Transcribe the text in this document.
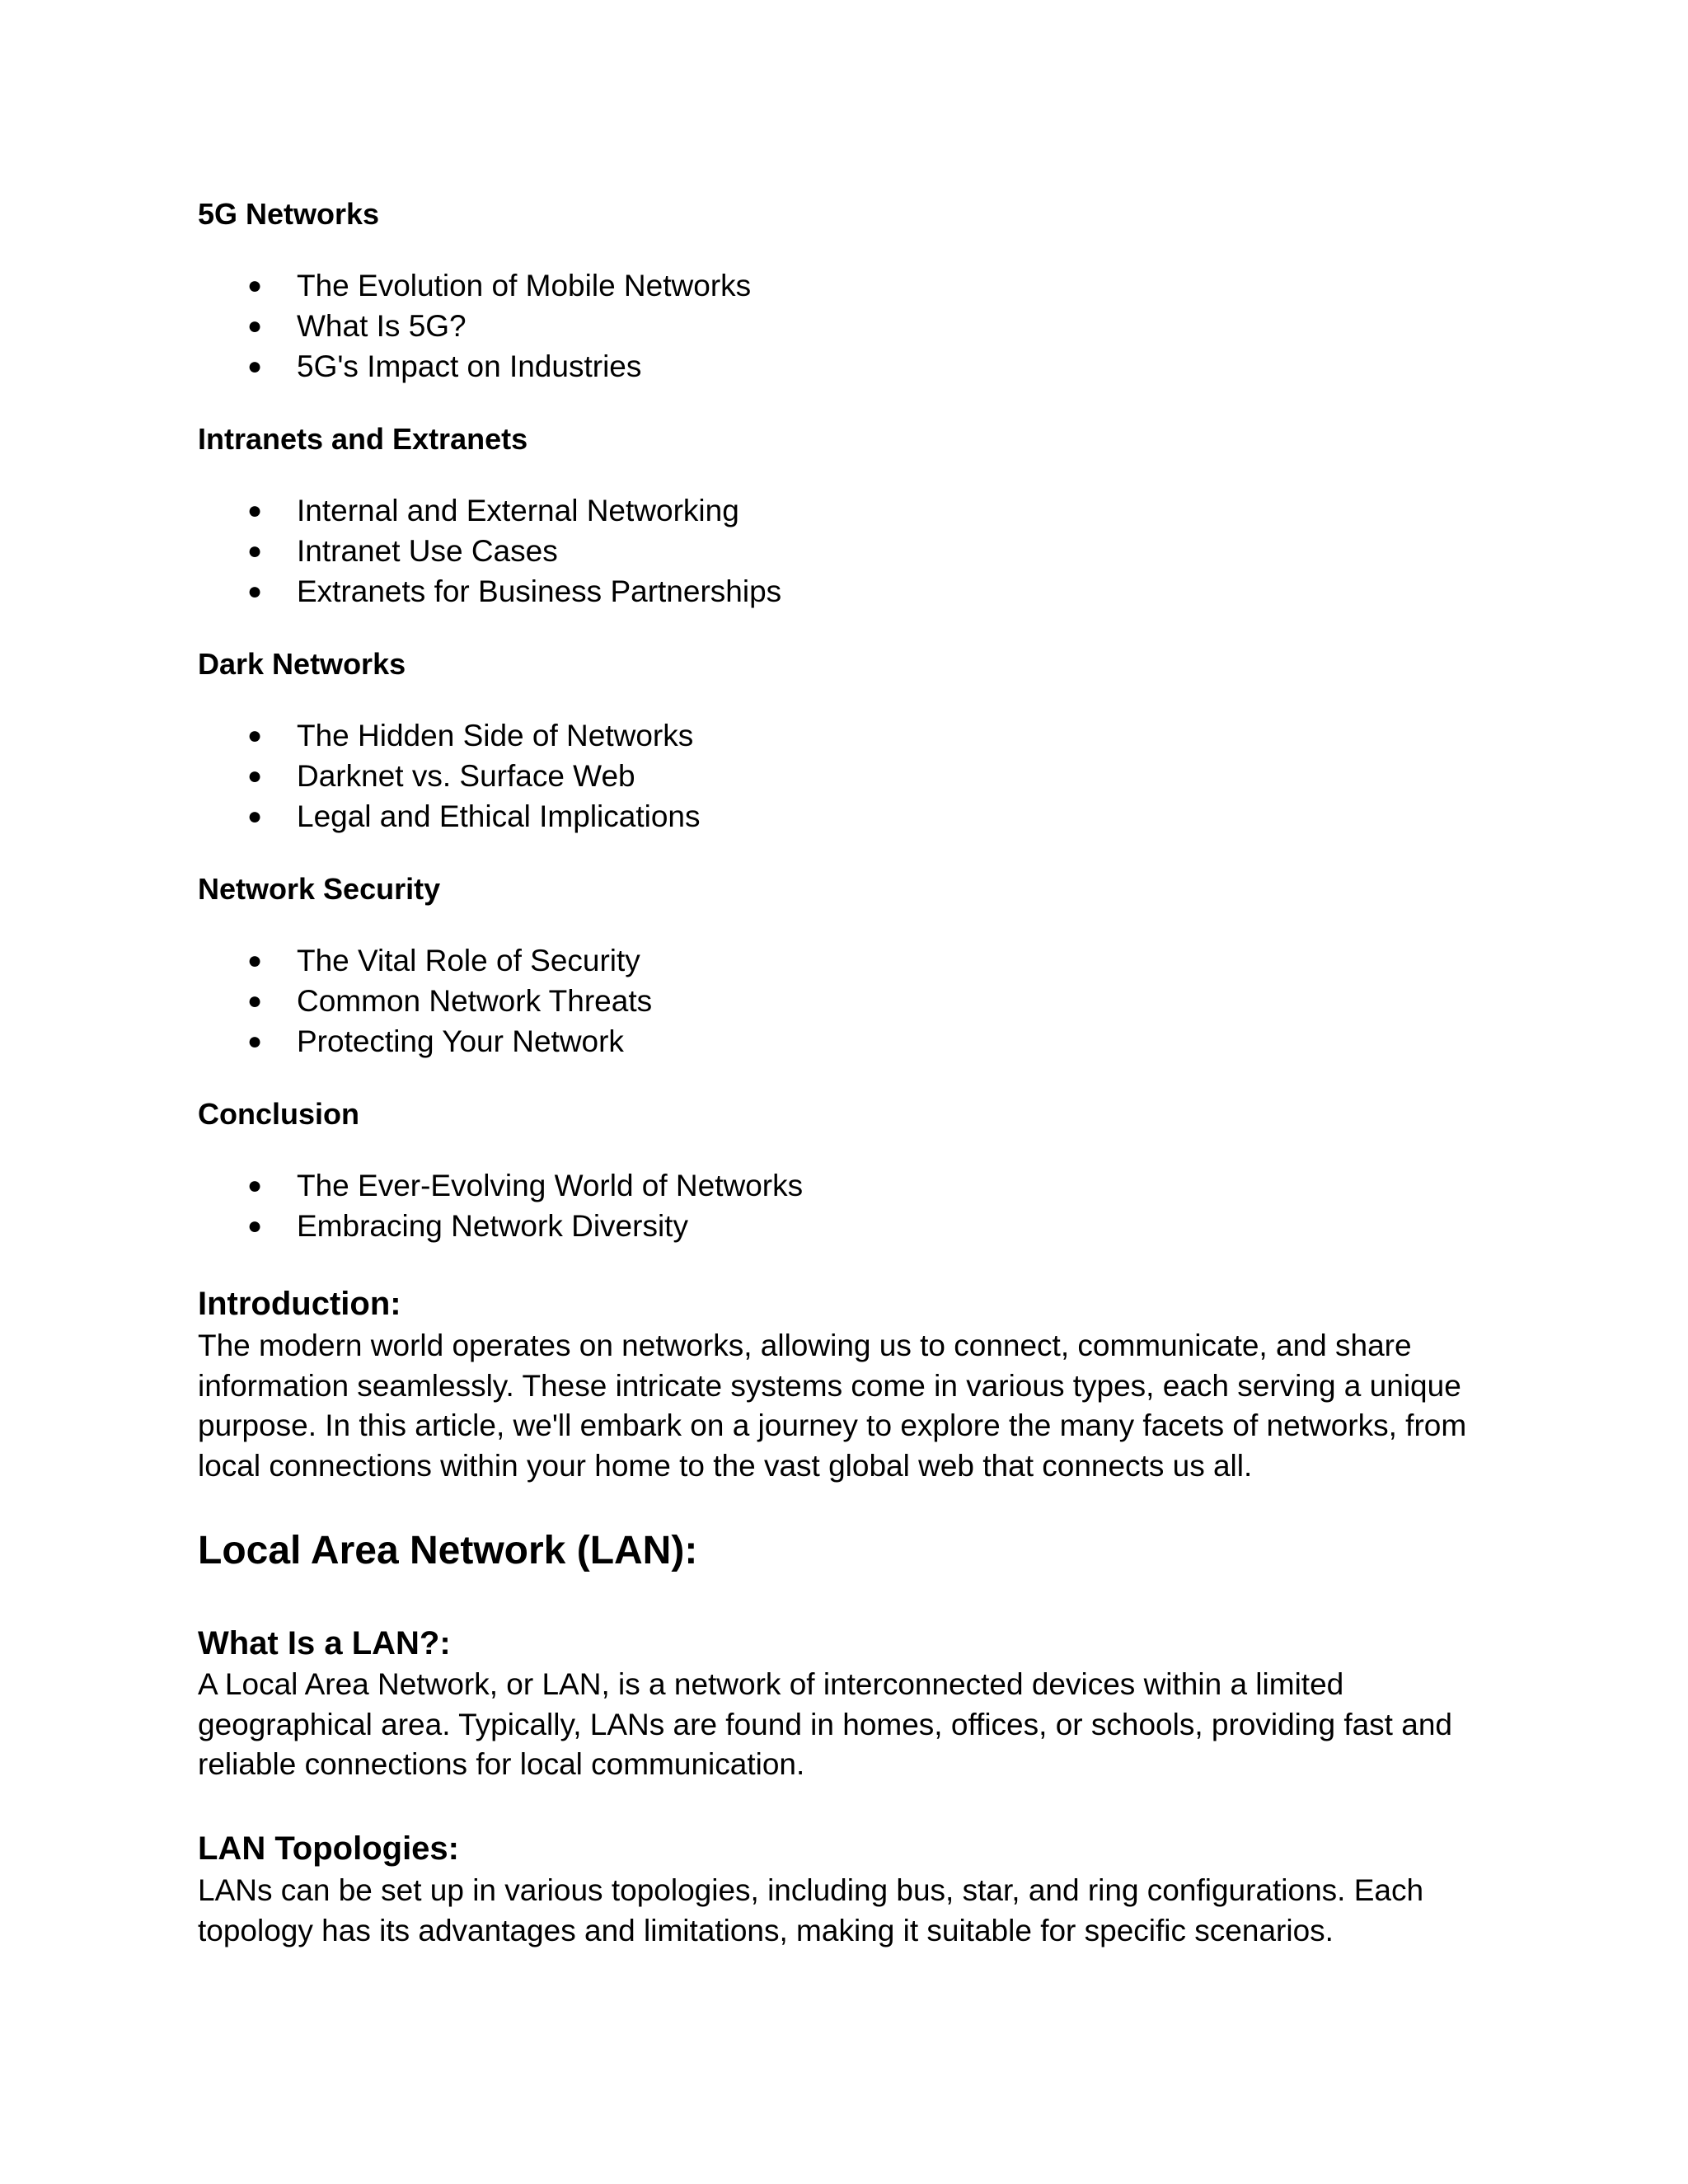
5G Networks
● The Evolution of Mobile Networks
● What Is 5G?
● 5G's Impact on Industries
Intranets and Extranets
● Internal and External Networking
● Intranet Use Cases
● Extranets for Business Partnerships
Dark Networks
● The Hidden Side of Networks
● Darknet vs. Surface Web
● Legal and Ethical Implications
Network Security
● The Vital Role of Security
● Common Network Threats
● Protecting Your Network
Conclusion
● The Ever-Evolving World of Networks
● Embracing Network Diversity
Introduction:

The modern world operates on networks, allowing us to connect, communicate, and share information seamlessly. These intricate systems come in various types, each serving a unique purpose. In this article, we'll embark on a journey to explore the many facets of networks, from local connections within your home to the vast global web that connects us all.

Local Area Network (LAN):
What Is a LAN?:

A Local Area Network, or LAN, is a network of interconnected devices within a limited geographical area. Typically, LANs are found in homes, offices, or schools, providing fast and reliable connections for local communication.

LAN Topologies:

LANs can be set up in various topologies, including bus, star, and ring configurations. Each topology has its advantages and limitations, making it suitable for specific scenarios.
